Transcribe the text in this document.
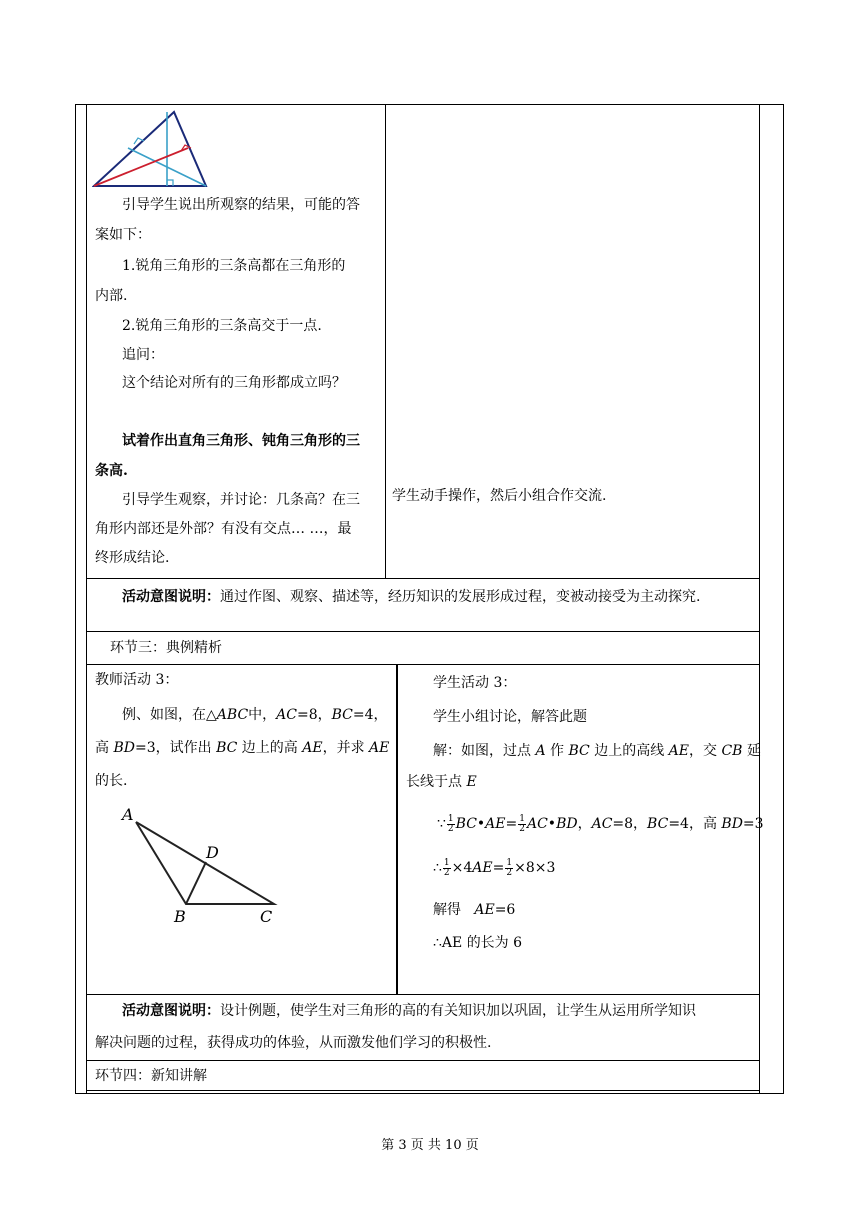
引导学生说出所观察的结果，可能的答
案如下：
1.锐角三角形的三条高都在三角形的
内部.
2.锐角三角形的三条高交于一点.
追问：
这个结论对所有的三角形都成立吗？
试着作出直角三角形、钝角三角形的三
条高.
引导学生观察，并讨论：几条高？在三
角形内部还是外部？有没有交点… …，最
终形成结论.
学生动手操作，然后小组合作交流.
活动意图说明：通过作图、观察、描述等，经历知识的发展形成过程，变被动接受为主动探究.
环节三：典例精析
教师活动 3：
例、如图，在△ABC中，AC=8，BC=4，
高 BD=3，试作出 BC 边上的高 AE，并求 AE
的长.
A
D
B	C
学生活动 3：
学生小组讨论，解答此题
解：如图，过点 A 作 BC 边上的高线 AE，交 CB 延
长线于点 E
∵ $\frac{1}{2}$ BC•AE= $\frac{1}{2}$ AC•BD，AC=8，BC=4，高 BD=3
∴ $\frac{1}{2} \times 4AE= \frac{1}{2} \times 8\times 3$
解得   AE=6
∴AE 的长为 6
活动意图说明：设计例题，使学生对三角形的高的有关知识加以巩固，让学生从运用所学知识
解决问题的过程，获得成功的体验，从而激发他们学习的积极性.
环节四：新知讲解
第 3 页 共 10 页
